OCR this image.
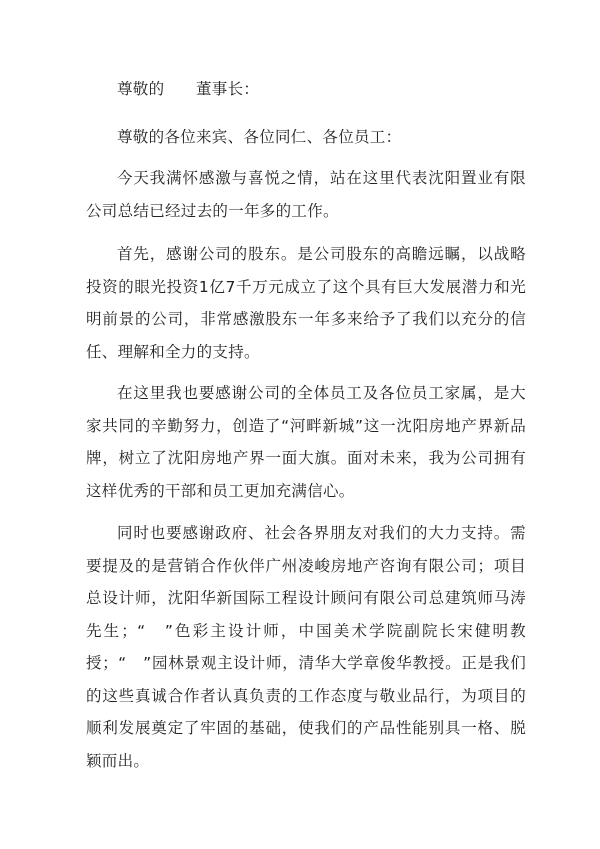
尊敬的　　董事长：

尊敬的各位来宾、各位同仁、各位员工：

今天我满怀感激与喜悦之情，站在这里代表沈阳置业有限公司总结已经过去的一年多的工作。

首先，感谢公司的股东。是公司股东的高瞻远瞩，以战略投资的眼光投资1亿7千万元成立了这个具有巨大发展潜力和光明前景的公司，非常感激股东一年多来给予了我们以充分的信任、理解和全力的支持。

在这里我也要感谢公司的全体员工及各位员工家属，是大家共同的辛勤努力，创造了“河畔新城”这一沈阳房地产界新品牌，树立了沈阳房地产界一面大旗。面对未来，我为公司拥有这样优秀的干部和员工更加充满信心。

同时也要感谢政府、社会各界朋友对我们的大力支持。需要提及的是营销合作伙伴广州凌峻房地产咨询有限公司；项目总设计师，沈阳华新国际工程设计顾问有限公司总建筑师马涛先生；“　”色彩主设计师，中国美术学院副院长宋健明教授；“　”园林景观主设计师，清华大学章俊华教授。正是我们的这些真诚合作者认真负责的工作态度与敬业品行，为项目的顺利发展奠定了牢固的基础，使我们的产品性能别具一格、脱颖而出。
